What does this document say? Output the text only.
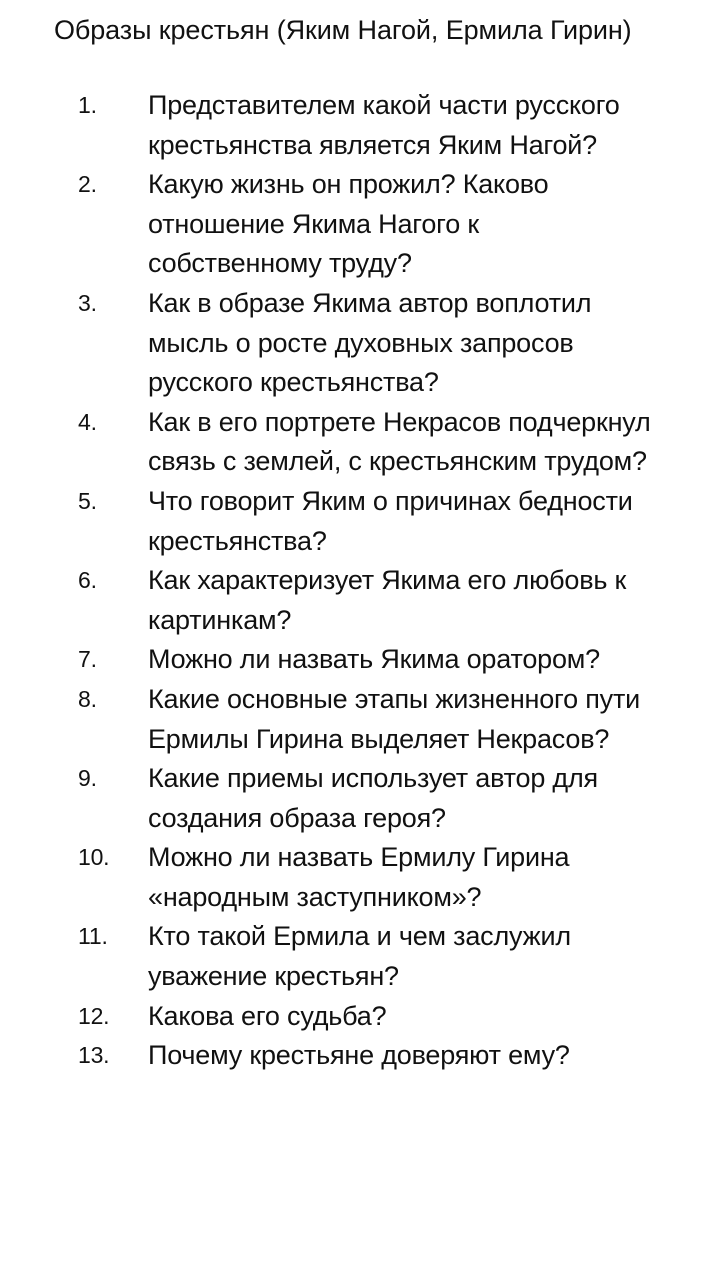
Образы крестьян (Яким Нагой, Ермила Гирин)
1.	Представителем какой части русского крестьянства является Яким Нагой?
2.	Какую жизнь он прожил? Каково отношение Якима Нагого к собственному труду?
3.	Как в образе Якима автор воплотил мысль о росте духовных запросов русского крестьянства?
4.	Как в его портрете Некрасов подчеркнул связь с землей, с крестьянским трудом?
5.	Что говорит Яким о причинах бедности крестьянства?
6.	Как характеризует Якима его любовь к картинкам?
7.	Можно ли назвать Якима оратором?
8.	Какие основные этапы жизненного пути Ермилы Гирина выделяет Некрасов?
9.	Какие приемы использует автор для создания образа героя?
10.	Можно ли назвать Ермилу Гирина «народным заступником»?
11.	Кто такой Ермила и чем заслужил уважение крестьян?
12.	Какова его судьба?
13.	Почему крестьяне доверяют ему?
